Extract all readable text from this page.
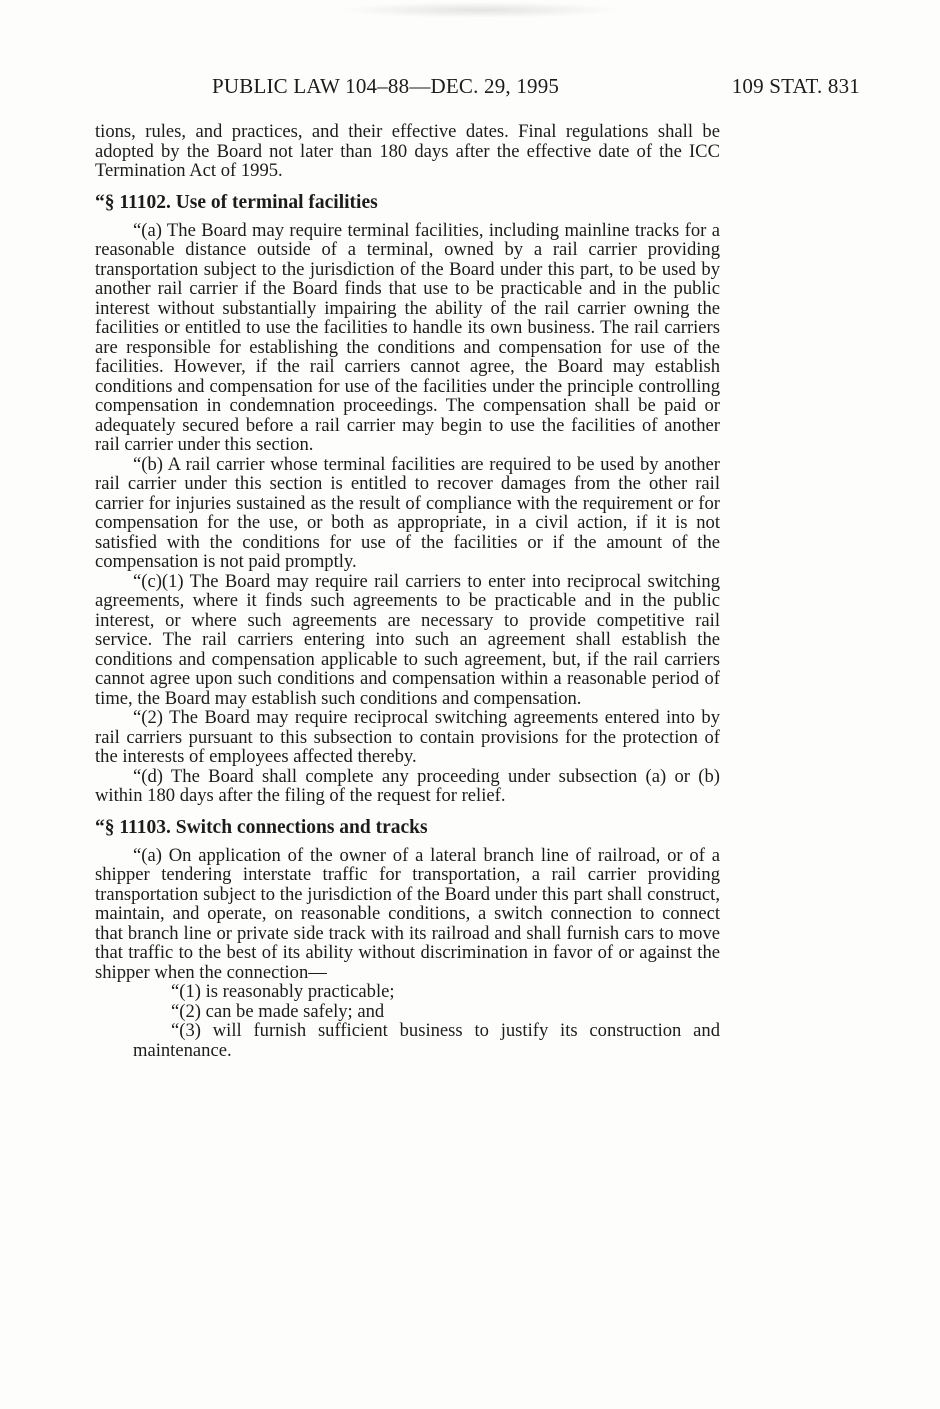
PUBLIC LAW 104–88—DEC. 29, 1995	109 STAT. 831

tions, rules, and practices, and their effective dates. Final regulations shall be adopted by the Board not later than 180 days after the effective date of the ICC Termination Act of 1995.

“§ 11102. Use of terminal facilities

“(a) The Board may require terminal facilities, including mainline tracks for a reasonable distance outside of a terminal, owned by a rail carrier providing transportation subject to the jurisdiction of the Board under this part, to be used by another rail carrier if the Board finds that use to be practicable and in the public interest without substantially impairing the ability of the rail carrier owning the facilities or entitled to use the facilities to handle its own business. The rail carriers are responsible for establishing the conditions and compensation for use of the facilities. However, if the rail carriers cannot agree, the Board may establish conditions and compensation for use of the facilities under the principle controlling compensation in condemnation proceedings. The compensation shall be paid or adequately secured before a rail carrier may begin to use the facilities of another rail carrier under this section.

“(b) A rail carrier whose terminal facilities are required to be used by another rail carrier under this section is entitled to recover damages from the other rail carrier for injuries sustained as the result of compliance with the requirement or for compensation for the use, or both as appropriate, in a civil action, if it is not satisfied with the conditions for use of the facilities or if the amount of the compensation is not paid promptly.

“(c)(1) The Board may require rail carriers to enter into reciprocal switching agreements, where it finds such agreements to be practicable and in the public interest, or where such agreements are necessary to provide competitive rail service. The rail carriers entering into such an agreement shall establish the conditions and compensation applicable to such agreement, but, if the rail carriers cannot agree upon such conditions and compensation within a reasonable period of time, the Board may establish such conditions and compensation.

“(2) The Board may require reciprocal switching agreements entered into by rail carriers pursuant to this subsection to contain provisions for the protection of the interests of employees affected thereby.

“(d) The Board shall complete any proceeding under subsection (a) or (b) within 180 days after the filing of the request for relief.

“§ 11103. Switch connections and tracks

“(a) On application of the owner of a lateral branch line of railroad, or of a shipper tendering interstate traffic for transportation, a rail carrier providing transportation subject to the jurisdiction of the Board under this part shall construct, maintain, and operate, on reasonable conditions, a switch connection to connect that branch line or private side track with its railroad and shall furnish cars to move that traffic to the best of its ability without discrimination in favor of or against the shipper when the connection—

“(1) is reasonably practicable;

“(2) can be made safely; and

“(3) will furnish sufficient business to justify its construction and maintenance.
